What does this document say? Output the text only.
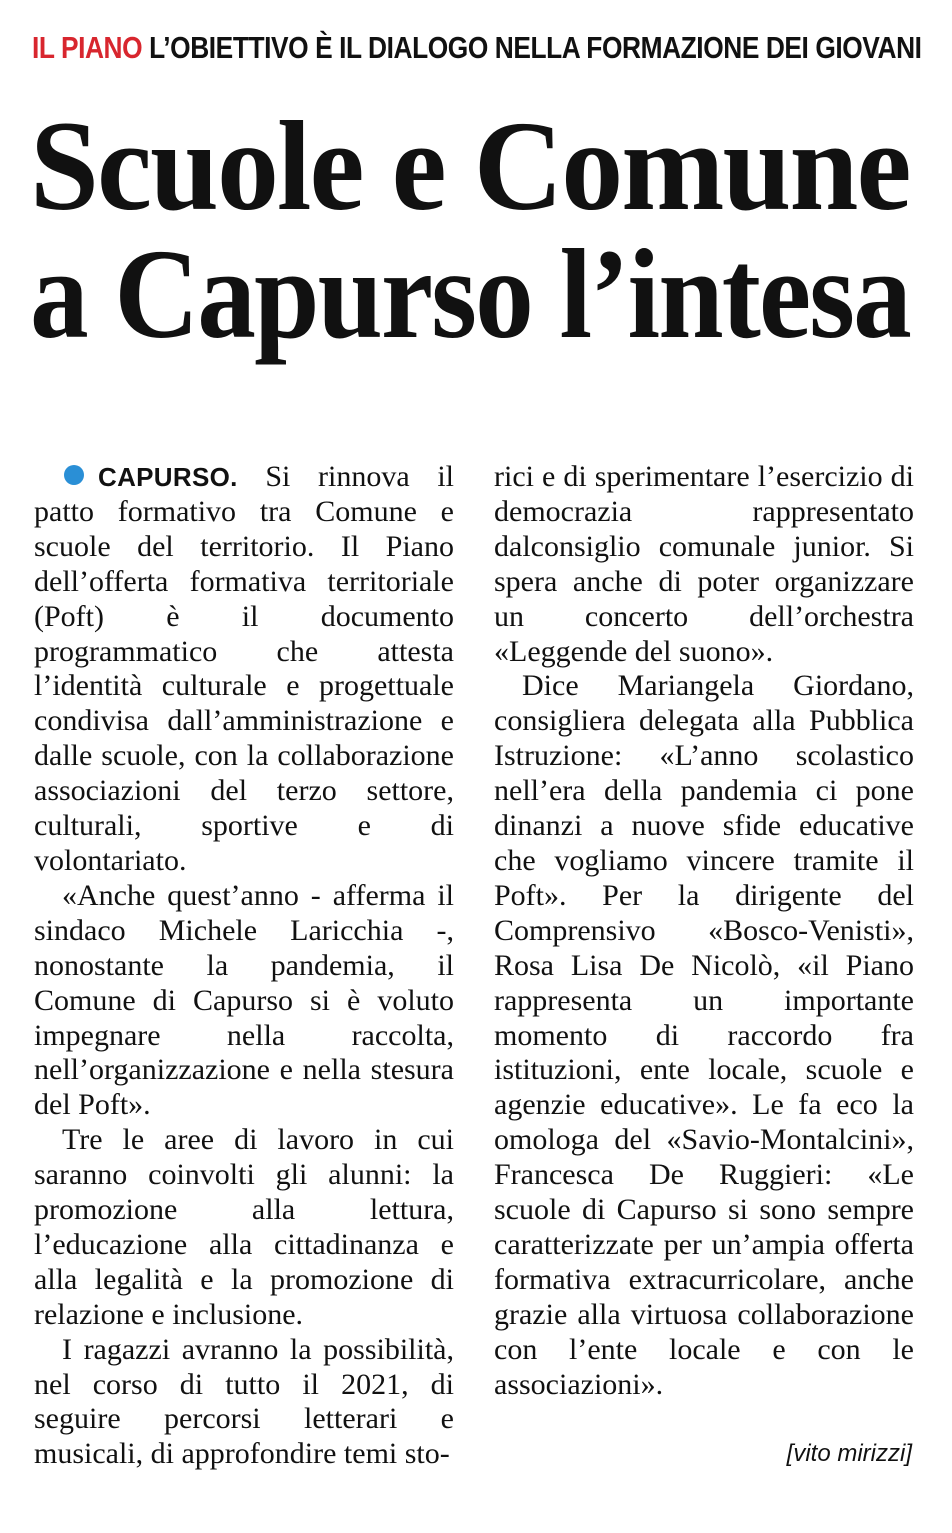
IL PIANO L’OBIETTIVO È IL DIALOGO NELLA FORMAZIONE DEI GIOVANI
Scuole e Comune
a Capurso l’intesa

CAPURSO. Si rinnova il patto formativo tra Comune e scuole del territorio. Il Piano dell’offerta formativa territoriale (Poft) è il documento programmatico che attesta l’identità culturale e progettuale condivisa dall’amministrazione e dalle scuole, con la collaborazione associazioni del terzo settore, culturali, sportive e di volontariato.

«Anche quest’anno - afferma il sindaco Michele Laricchia -, nonostante la pandemia, il Comune di Capurso si è voluto impegnare nella raccolta, nell’organizzazione e nella stesura del Poft».

Tre le aree di lavoro in cui saranno coinvolti gli alunni: la promozione alla lettura, l’educazione alla cittadinanza e alla legalità e la promozione di relazione e inclusione.

I ragazzi avranno la possibilità, nel corso di tutto il 2021, di seguire percorsi letterari e musicali, di approfondire temi sto-

rici e di sperimentare l’esercizio di democrazia rappresentato dalconsiglio comunale junior. Si spera anche di poter organizzare un concerto dell’orchestra «Leggende del suono».

Dice Mariangela Giordano, consigliera delegata alla Pubblica Istruzione: «L’anno scolastico nell’era della pandemia ci pone dinanzi a nuove sfide educative che vogliamo vincere tramite il Poft». Per la dirigente del Comprensivo «Bosco-Venisti», Rosa Lisa De Nicolò, «il Piano rappresenta un importante momento di raccordo fra istituzioni, ente locale, scuole e agenzie educative». Le fa eco la omologa del «Savio-Montalcini», Francesca De Ruggieri: «Le scuole di Capurso si sono sempre caratterizzate per un’ampia offerta formativa extracurricolare, anche grazie alla virtuosa collaborazione con l’ente locale e con le associazioni».

[vito mirizzi]
